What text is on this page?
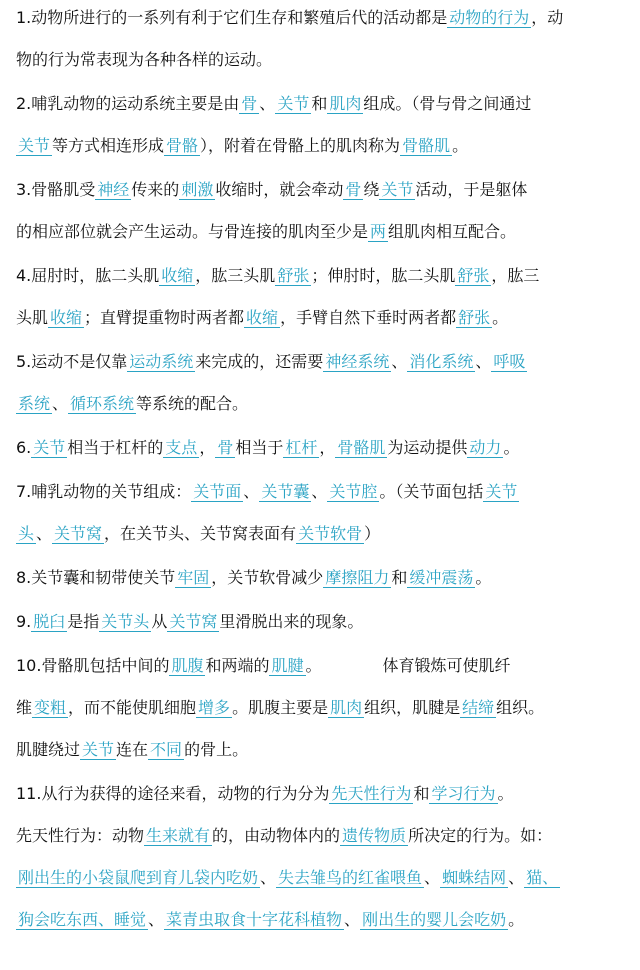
1.动物所进行的一系列有利于它们生存和繁殖后代的活动都是 动物的行为 ，动

物的行为常表现为各种各样的运动。

2.哺乳动物的运动系统主要是由 骨 、 关节 和 肌肉 组成。（骨与骨之间通过

关节 等方式相连形成 骨骼 ），附着在骨骼上的肌肉称为 骨骼肌 。

3.骨骼肌受 神经 传来的 刺激 收缩时，就会牵动 骨 绕 关节 活动，于是躯体

的相应部位就会产生运动。与骨连接的肌肉至少是 两 组肌肉相互配合。

4.屈肘时，肱二头肌 收缩 ，肱三头肌 舒张 ；伸肘时，肱二头肌 舒张 ，肱三

头肌 收缩 ；直臂提重物时两者都 收缩 ，手臂自然下垂时两者都 舒张 。

5.运动不是仅靠 运动系统 来完成的，还需要 神经系统 、 消化系统 、 呼吸

系统 、 循环系统 等系统的配合。

6. 关节 相当于杠杆的 支点 ， 骨 相当于 杠杆 ， 骨骼肌 为运动提供 动力 。

7.哺乳动物的关节组成： 关节面 、 关节囊 、 关节腔 。（关节面包括 关节

头 、 关节窝 ，在关节头、关节窝表面有 关节软骨 ）

8.关节囊和韧带使关节 牢固 ，关节软骨减少 摩擦阻力 和 缓冲震荡 。

9. 脱臼 是指 关节头 从 关节窝 里滑脱出来的现象。

10.骨骼肌包括中间的 肌腹 和两端的 肌腱 。            体育锻炼可使肌纤

维 变粗 ，而不能使肌细胞 增多 。肌腹主要是 肌肉 组织，肌腱是 结缔 组织。

肌腱绕过 关节 连在 不同 的骨上。

11.从行为获得的途径来看，动物的行为分为 先天性行为 和 学习行为 。

先天性行为：动物 生来就有 的，由动物体内的 遗传物质 所决定的行为。如：

刚出生的小袋鼠爬到育儿袋内吃奶 、 失去雏鸟的红雀喂鱼 、 蜘蛛结网 、 猫、

狗会吃东西、睡觉 、 菜青虫取食十字花科植物 、 刚出生的婴儿会吃奶 。
